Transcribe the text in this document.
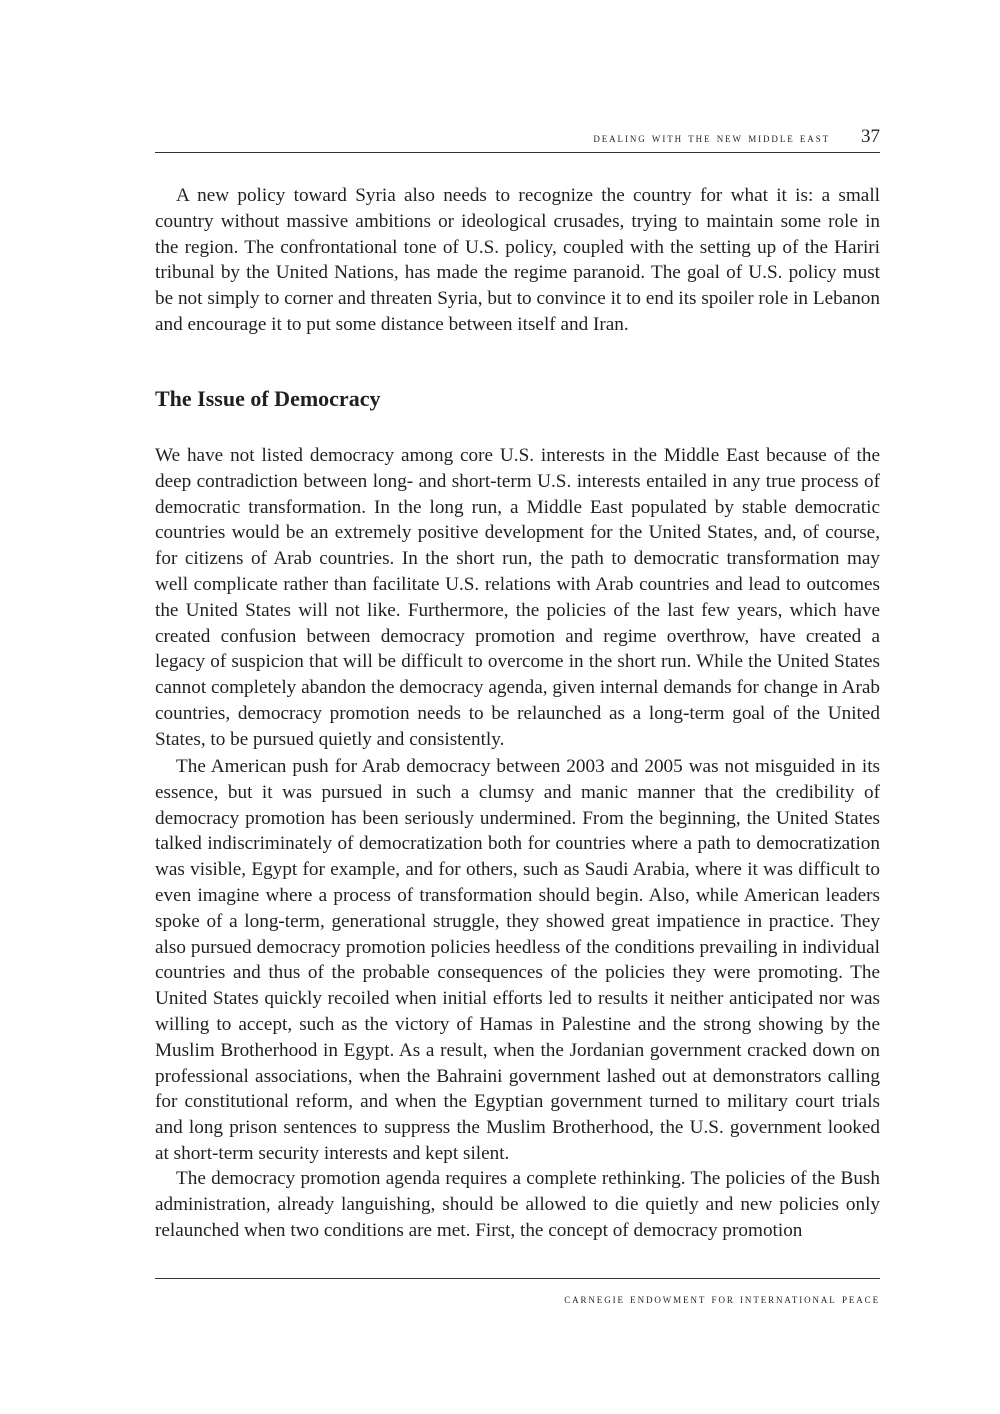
dealing with the new middle east 37

A new policy toward Syria also needs to recognize the country for what it is: a small country without massive ambitions or ideological crusades, trying to maintain some role in the region. The confrontational tone of U.S. policy, coupled with the setting up of the Hariri tribunal by the United Nations, has made the regime paranoid. The goal of U.S. policy must be not simply to corner and threaten Syria, but to convince it to end its spoiler role in Lebanon and encourage it to put some distance between itself and Iran.

The Issue of Democracy

We have not listed democracy among core U.S. interests in the Middle East because of the deep contradiction between long- and short-term U.S. interests entailed in any true process of democratic transformation. In the long run, a Middle East populated by stable democratic countries would be an extremely positive development for the United States, and, of course, for citizens of Arab countries. In the short run, the path to democratic transformation may well complicate rather than facilitate U.S. relations with Arab countries and lead to outcomes the United States will not like. Furthermore, the policies of the last few years, which have created confusion between democracy promotion and regime overthrow, have created a legacy of suspicion that will be difficult to overcome in the short run. While the United States cannot completely abandon the democracy agenda, given internal demands for change in Arab countries, democracy promotion needs to be relaunched as a long-term goal of the United States, to be pursued quietly and consistently.

The American push for Arab democracy between 2003 and 2005 was not misguided in its essence, but it was pursued in such a clumsy and manic manner that the credibility of democracy promotion has been seriously undermined. From the beginning, the United States talked indiscriminately of democratization both for countries where a path to democratization was visible, Egypt for example, and for others, such as Saudi Arabia, where it was difficult to even imagine where a process of transformation should begin. Also, while American leaders spoke of a long-term, generational struggle, they showed great impatience in practice. They also pursued democracy promotion policies heedless of the conditions prevailing in individual countries and thus of the probable consequences of the policies they were promoting. The United States quickly recoiled when initial efforts led to results it neither anticipated nor was willing to accept, such as the victory of Hamas in Palestine and the strong showing by the Muslim Brotherhood in Egypt. As a result, when the Jordanian government cracked down on professional associations, when the Bahraini government lashed out at demonstrators calling for constitutional reform, and when the Egyptian government turned to military court trials and long prison sentences to suppress the Muslim Brotherhood, the U.S. government looked at short-term security interests and kept silent.

The democracy promotion agenda requires a complete rethinking. The policies of the Bush administration, already languishing, should be allowed to die quietly and new policies only relaunched when two conditions are met. First, the concept of democracy promotion

carnegie endowment for international peace
